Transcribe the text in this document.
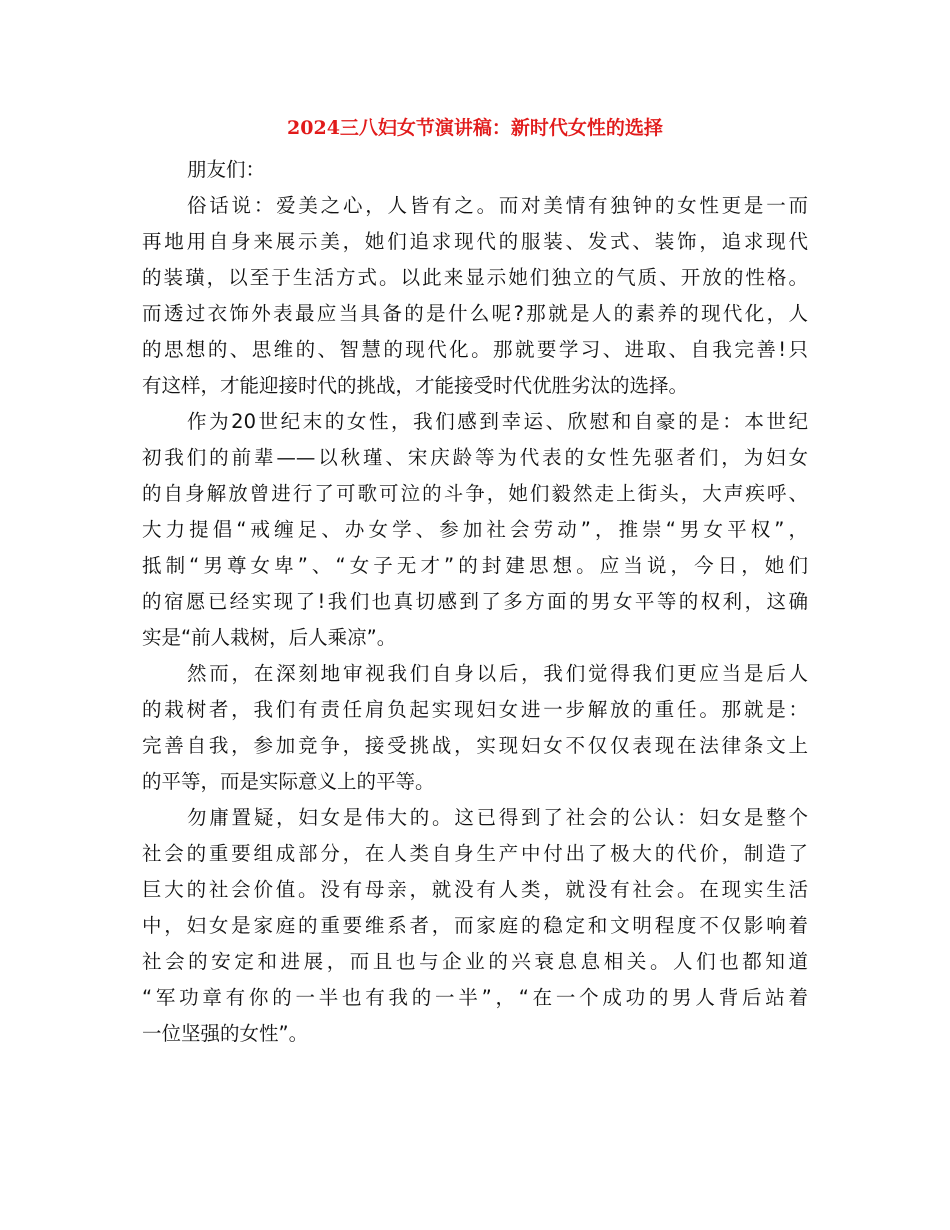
2024三八妇女节演讲稿：新时代女性的选择
朋友们：
俗话说：爱美之心，人皆有之。而对美情有独钟的女性更是一而
再地用自身来展示美，她们追求现代的服装、发式、装饰，追求现代
的装璜，以至于生活方式。以此来显示她们独立的气质、开放的性格。
而透过衣饰外表最应当具备的是什么呢?那就是人的素养的现代化，人
的思想的、思维的、智慧的现代化。那就要学习、进取、自我完善!只
有这样，才能迎接时代的挑战，才能接受时代优胜劣汰的选择。
作为20世纪末的女性，我们感到幸运、欣慰和自豪的是：本世纪
初我们的前辈——以秋瑾、宋庆龄等为代表的女性先驱者们，为妇女
的自身解放曾进行了可歌可泣的斗争，她们毅然走上街头，大声疾呼、
大力提倡“戒缠足、办女学、参加社会劳动”，推崇“男女平权”，
抵制“男尊女卑”、“女子无才”的封建思想。应当说，今日，她们
的宿愿已经实现了!我们也真切感到了多方面的男女平等的权利，这确
实是“前人栽树，后人乘凉”。
然而，在深刻地审视我们自身以后，我们觉得我们更应当是后人
的栽树者，我们有责任肩负起实现妇女进一步解放的重任。那就是：
完善自我，参加竞争，接受挑战，实现妇女不仅仅表现在法律条文上
的平等，而是实际意义上的平等。
勿庸置疑，妇女是伟大的。这已得到了社会的公认：妇女是整个
社会的重要组成部分，在人类自身生产中付出了极大的代价，制造了
巨大的社会价值。没有母亲，就没有人类，就没有社会。在现实生活
中，妇女是家庭的重要维系者，而家庭的稳定和文明程度不仅影响着
社会的安定和进展，而且也与企业的兴衰息息相关。人们也都知道
“军功章有你的一半也有我的一半”，“在一个成功的男人背后站着
一位坚强的女性”。
